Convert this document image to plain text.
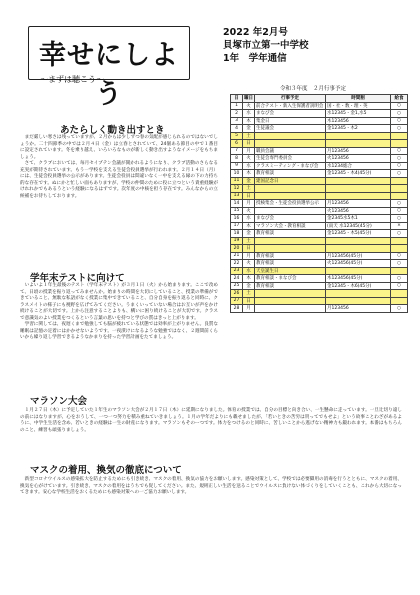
幸せにしよう
～まずは聴こう～
2022 年2月号
貝塚市立第一中学校
1年　学年通信
令和３年度　２月行事予定
日	曜日	行事予定	時間割	給食
1	火	前合テスト・新入生保護者説明会	国・社・数・理・英	○
2	水	まなび会	水12345・金1,水5	○
3	木	集金日	木123456	○
4	金	生徒議会	金12345・木2	○
5	土			
6	日			
7	月	職員会議	月123456	○
8	火	生徒会専門委員会	火123456	○
9	水	クラスミーティング・まなび会	水1234総合	○
10	木	教育相談	金12345・木4(45分)	○
11	金	建国記念日		
12	土			
13	日			
14	月	授検集会・生徒会役員選挙公示	月123456	○
15	火		火123456	○
16	水	まなび会	金2345水5木1	○
17	木	マラソン大会・教育相談	(雨天 水12345(45分)	×
18	金	教育相談	金12345・木5(45分)	○
19	土			
20	日			
21	月	教育相談	月123456(45分)	○
22	火	教育相談	火123456(45分)	○
23	水	天皇誕生日		
24	木	教育相談・まなび会	木123456(45分)	○
25	金	教育相談	金12345・木6(45分)	○
26	土			
27	日			
28	月		月123456	○
あたらしく動き出すとき
　まだ厳しい寒さは残っていますが、２月からは少しずつ春の気配が感じられるのではないでしょうか。二十四節季の中では２月４日（金）は立春とされていて、24個ある節目の中で１番目に設定されています。冬を乗り越え、いろいろなものが新しく動き出すようなイメージをもちましょう。
　さて、クラブにおいては、毎月セイプテン会議が開かれるようになり、クラブ活動のさらなる充実が期待されています。もう一学校を支える生徒会役員選挙が行われます。２月１４日（月）には、生徒会役員選挙の公示があります。生徒会役員は間違いなく一中を支える縁の下の力持ち的な存在です。ぬにかと忙しい面もありますが、学校の仲間のために役に立つという貴重経験がけれれかでもあるうという経験になるはずです。次年度の中核を担う存在です。みんなからの立候補をお待ちしております。
学年末テストに向けて
　いよいよ１年生最後のテスト（学年末テスト）が３月１日（火）から始まります。ここで改めて、日頃の授業を振り返ってみませんか。始まりの時間を大切にしていること、授業の準備ができていること、無駄な私語がなく授業に集中できていること、自分自身を振り返ると同時に、クラスメイトの様子にも視野を広げてみてください。うまくいっていない場合はお互いが声をかけ続けることが大切です。上から注意することよりも、構いに困り続けることが大切です。クラスで意識気のよい授業をつくるという言葉の思いを持つと学びの質はきっと上がります。
　学習に関しては、夜遅くまで勉強しても脳が疲れている状態では効率が上がりません。良質な睡眠は記憶の定着にはかかせないようです。一夜漬けになるような勉強ではなく、２週間前くらいから繰り返し学習できるようなかまりを持った学習計画をたてましょう。
マラソン大会
　１月２７日（木）に予定していた１年生のマラソン大会が２月１７日（木）に延期になりました。体育の授業では、自分の目標と向き合い、一生懸命に走っています。一旦辻切り遠しの前にはなりますが、心をおうして、一つ一つ努力を積み重ねていきましょう。１月の学年だよりにも載せましたが、「若いときの苦労は買ってでもせよ」という故事ことわざがあるように、中学生生活を含め、若いときの経験は一生の財産になります。マラソンもそのーつです。体力をつけるのと同時に、苦しいことから逃げない精神力も鍛われます。本番はもちろんのこと、練習も頑張りましょう。
マスクの着用、換気の徹底について
　新型コロナウイルスの感染拡大を防止するためにも引き続き、マスクの着用、換気の協力をお願いします。感染対策として、学校では必要脚用の消毒を行うとともに、マスクの着用、換気を心がけています。引き続き、マスクの着用をはうちでも促してください。また、規則正しい生活を送ることでウイルスに負けない体づくりをしていくことも、これから大切になってきます。安心な学校生活をおくるためにも感染対策への一ご協力お願いします。
